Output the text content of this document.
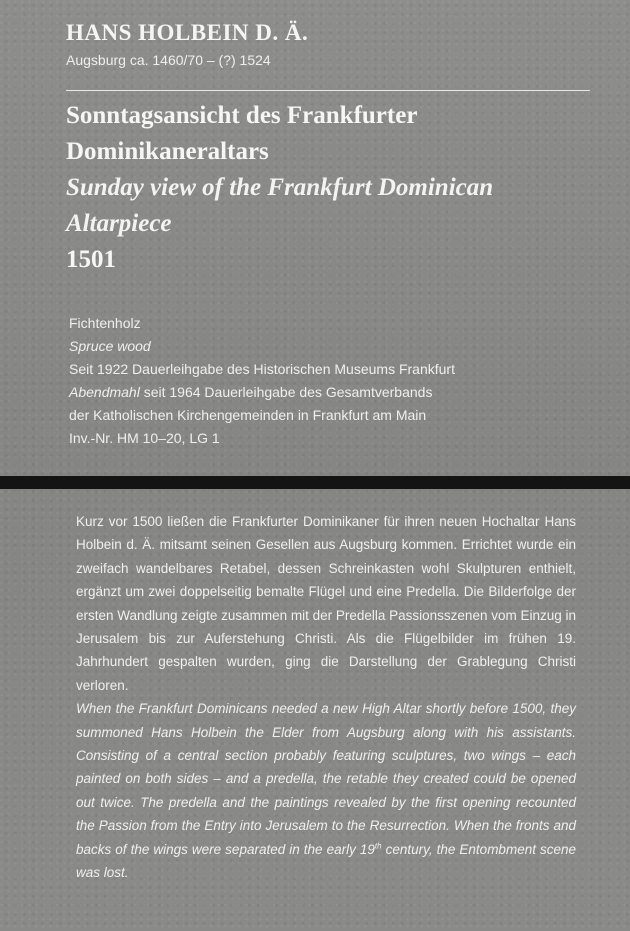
HANS HOLBEIN D. Ä.
Augsburg ca. 1460/70 – (?) 1524
Sonntagsansicht des Frankfurter
Dominikaneraltars
Sunday view of the Frankfurt Dominican
Altarpiece
1501
Fichtenholz
Spruce wood
Seit 1922 Dauerleihgabe des Historischen Museums Frankfurt
Abendmahl seit 1964 Dauerleihgabe des Gesamtverbands
der Katholischen Kirchengemeinden in Frankfurt am Main
Inv.-Nr. HM 10–20, LG 1

Kurz vor 1500 ließen die Frankfurter Dominikaner für ihren neuen Hochaltar Hans Holbein d. Ä. mitsamt seinen Gesellen aus Augsburg kommen. Errichtet wurde ein zweifach wandelbares Retabel, dessen Schreinkasten wohl Skulpturen enthielt, ergänzt um zwei doppelseitig bemalte Flügel und eine Predella. Die Bilderfolge der ersten Wandlung zeigte zusammen mit der Predella Passionsszenen vom Einzug in Jerusalem bis zur Auferstehung Christi. Als die Flügelbilder im frühen 19. Jahrhundert gespalten wurden, ging die Darstellung der Grablegung Christi verloren.

When the Frankfurt Dominicans needed a new High Altar shortly before 1500, they summoned Hans Holbein the Elder from Augsburg along with his assistants. Consisting of a central section probably featuring sculptures, two wings – each painted on both sides – and a predella, the retable they created could be opened out twice. The predella and the paintings revealed by the first opening recounted the Passion from the Entry into Jerusalem to the Resurrection. When the fronts and backs of the wings were separated in the early 19th century, the Entombment scene was lost.
